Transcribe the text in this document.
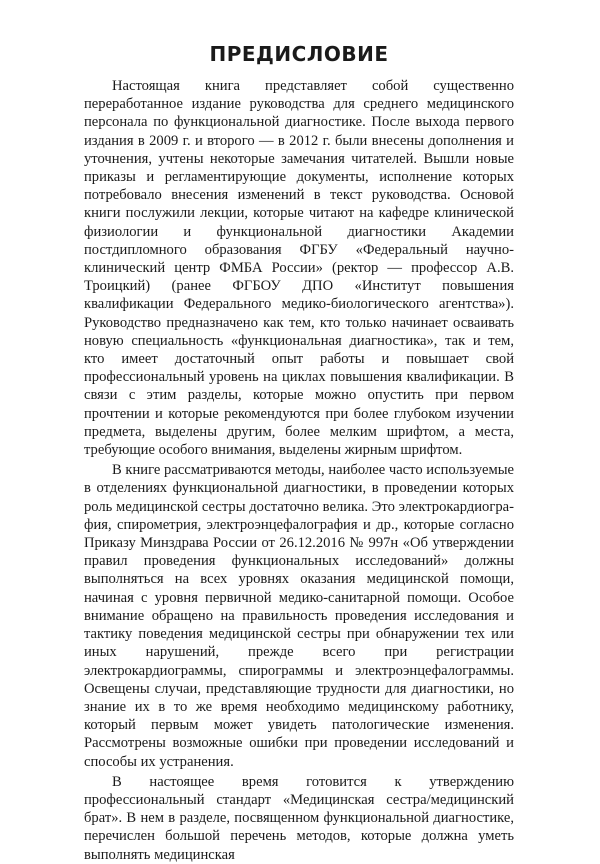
ПРЕДИСЛОВИЕ

Настоящая книга представляет собой существенно переработанное издание руководства для среднего медицинского персонала по функциональной диагностике. После выхода первого издания в 2009 г. и второго — в 2012 г. были внесены дополнения и уточнения, учтены некоторые замечания читателей. Вышли новые приказы и регламентирующие документы, исполнение которых потребовало внесения изменений в текст руководства. Основой книги послужили лекции, которые читают на кафедре клинической физиологии и функциональной диагностики Академии постдипломного образования ФГБУ «Федеральный научно-клинический центр ФМБА России» (ректор — профессор А.В. Троицкий) (ранее ФГБОУ ДПО «Институт повышения квалификации Федерального медико-биологического агентства»). Руководство предназначено как тем, кто только начинает осваивать новую специальность «функциональная диагностика», так и тем, кто имеет достаточный опыт работы и повышает свой профессиональный уровень на циклах повышения квалификации. В связи с этим разделы, которые можно опустить при первом прочтении и которые рекомендуются при более глубоком изучении предмета, выделены другим, более мелким шрифтом, а места, требующие особого внимания, выделены жирным шрифтом.

В книге рассматриваются методы, наиболее часто используемые в отделениях функциональной диагностики, в проведении которых роль медицинской сестры достаточно велика. Это электрокардиография, спирометрия, электроэнцефалография и др., которые согласно Приказу Минздрава России от 26.12.2016 № 997н «Об утверждении правил проведения функциональных исследований» должны выполняться на всех уровнях оказания медицинской помощи, начиная с уровня первичной медико-санитарной помощи. Особое внимание обращено на правильность проведения исследования и тактику поведения медицинской сестры при обнаружении тех или иных нарушений, прежде всего при регистрации электрокардиограммы, спирограммы и электроэнцефалограммы. Освещены случаи, представляющие трудности для диагностики, но знание их в то же время необходимо медицинскому работнику, который первым может увидеть патологические изменения. Рассмотрены возможные ошибки при проведении исследований и способы их устранения.

В настоящее время готовится к утверждению профессиональный стандарт «Медицинская сестра/медицинский брат». В нем в разделе, посвященном функциональной диагностике, перечислен большой перечень методов, которые должна уметь выполнять медицинская
